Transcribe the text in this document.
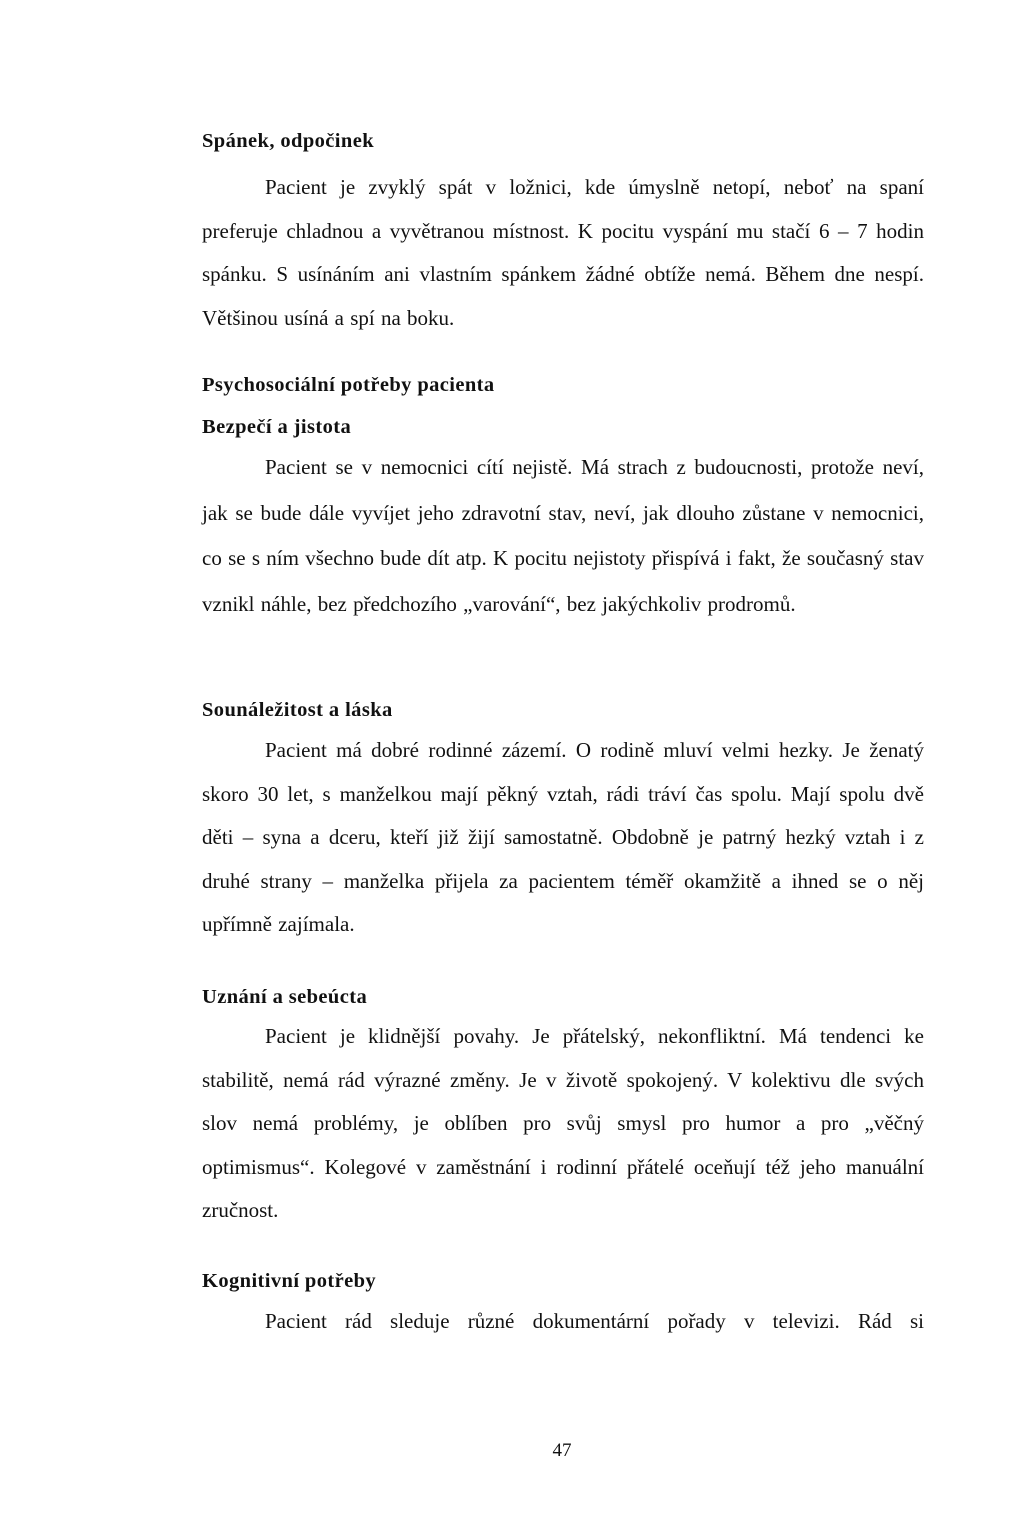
Spánek, odpočinek

Pacient je zvyklý spát v ložnici, kde úmyslně netopí, neboť na spaní preferuje chladnou a vyvětranou místnost. K pocitu vyspání mu stačí 6 – 7 hodin spánku. S usínáním ani vlastním spánkem žádné obtíže nemá. Během dne nespí. Většinou usíná a spí na boku.

Psychosociální potřeby pacienta
Bezpečí a jistota

Pacient se v nemocnici cítí nejistě. Má strach z budoucnosti, protože neví, jak se bude dále vyvíjet jeho zdravotní stav, neví, jak dlouho zůstane v nemocnici, co se s ním všechno bude dít atp. K pocitu nejistoty přispívá i fakt, že současný stav vznikl náhle, bez předchozího „varování“, bez jakýchkoliv prodromů.

Sounáležitost a láska

Pacient má dobré rodinné zázemí. O rodině mluví velmi hezky. Je ženatý skoro 30 let, s manželkou mají pěkný vztah, rádi tráví čas spolu. Mají spolu dvě děti – syna a dceru, kteří již žijí samostatně. Obdobně je patrný hezký vztah i z druhé strany – manželka přijela za pacientem téměř okamžitě a ihned se o něj upřímně zajímala.

Uznání a sebeúcta

Pacient je klidnější povahy. Je přátelský, nekonfliktní. Má tendenci ke stabilitě, nemá rád výrazné změny. Je v životě spokojený. V kolektivu dle svých slov nemá problémy, je oblíben pro svůj smysl pro humor a pro „věčný optimismus“. Kolegové v zaměstnání i rodinní přátelé oceňují též jeho manuální zručnost.

Kognitivní potřeby

Pacient rád sleduje různé dokumentární pořady v televizi. Rád si

47
